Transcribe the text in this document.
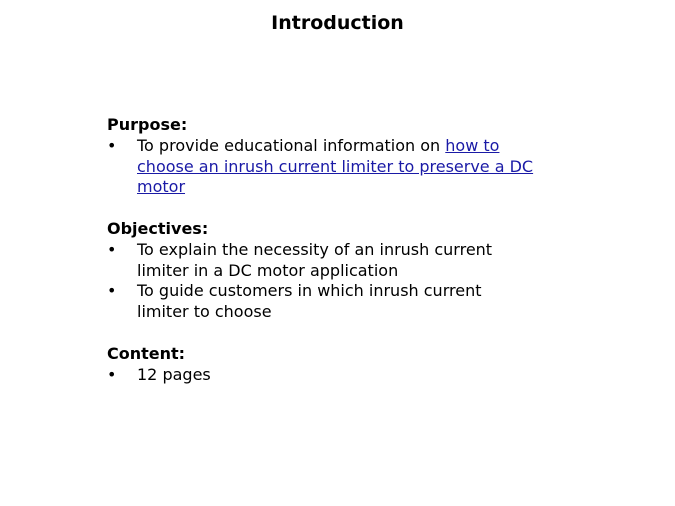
Introduction

Purpose:

•	To provide educational information on how to choose an inrush current limiter to preserve a DC motor

Objectives:

•	To explain the necessity of an inrush current limiter in a DC motor application
•	To guide customers in which inrush current limiter to choose

Content:

•	12 pages
